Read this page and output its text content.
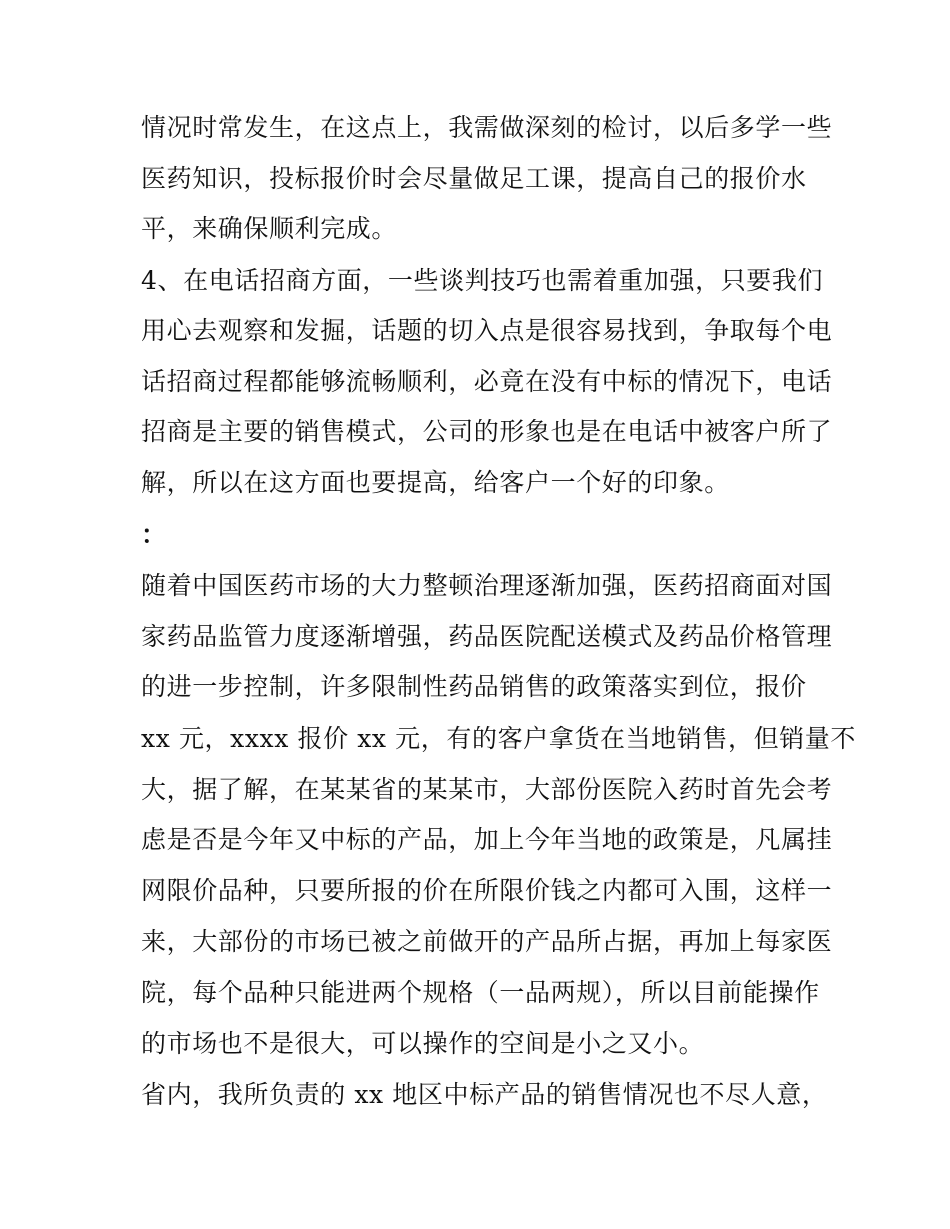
情况时常发生，在这点上，我需做深刻的检讨，以后多学一些
医药知识，投标报价时会尽量做足工课，提高自己的报价水
平，来确保顺利完成。
4、在电话招商方面，一些谈判技巧也需着重加强，只要我们
用心去观察和发掘，话题的切入点是很容易找到，争取每个电
话招商过程都能够流畅顺利，必竟在没有中标的情况下，电话
招商是主要的销售模式，公司的形象也是在电话中被客户所了
解，所以在这方面也要提高，给客户一个好的印象。
：
随着中国医药市场的大力整顿治理逐渐加强，医药招商面对国
家药品监管力度逐渐增强，药品医院配送模式及药品价格管理
的进一步控制，许多限制性药品销售的政策落实到位，报价
xx 元，xxxx 报价 xx 元，有的客户拿货在当地销售，但销量不
大，据了解，在某某省的某某市，大部份医院入药时首先会考
虑是否是今年又中标的产品，加上今年当地的政策是，凡属挂
网限价品种，只要所报的价在所限价钱之内都可入围，这样一
来，大部份的市场已被之前做开的产品所占据，再加上每家医
院，每个品种只能进两个规格（一品两规），所以目前能操作
的市场也不是很大，可以操作的空间是小之又小。
省内，我所负责的 xx 地区中标产品的销售情况也不尽人意，
